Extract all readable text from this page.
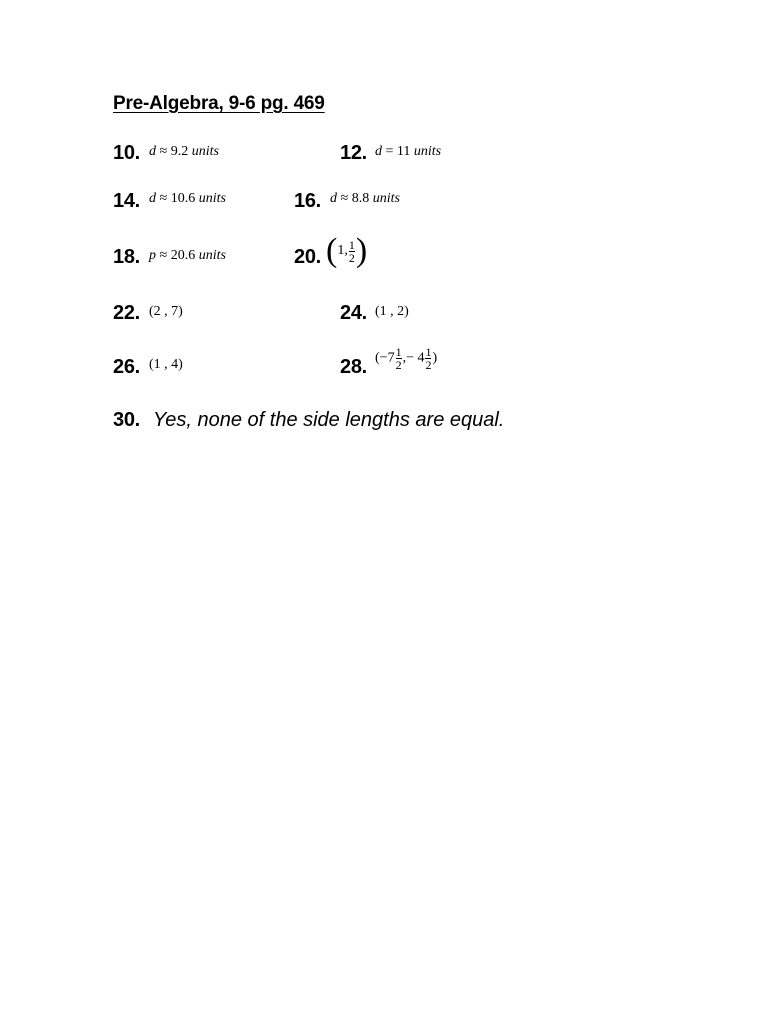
Pre-Algebra, 9-6 pg. 469
10. d ≈ 9.2 units	12. d = 11 units
14. d ≈ 10.6 units	16. d ≈ 8.8 units
18. p ≈ 20.6 units	20. (1, $\frac{1}{2}$ )
22. (2 , 7)	24. (1 , 2)
26. (1 , 4)	28. ($-7 \frac{1}{2}$ ,− $4 \frac{1}{2}$ )
30. Yes, none of the side lengths are equal.
